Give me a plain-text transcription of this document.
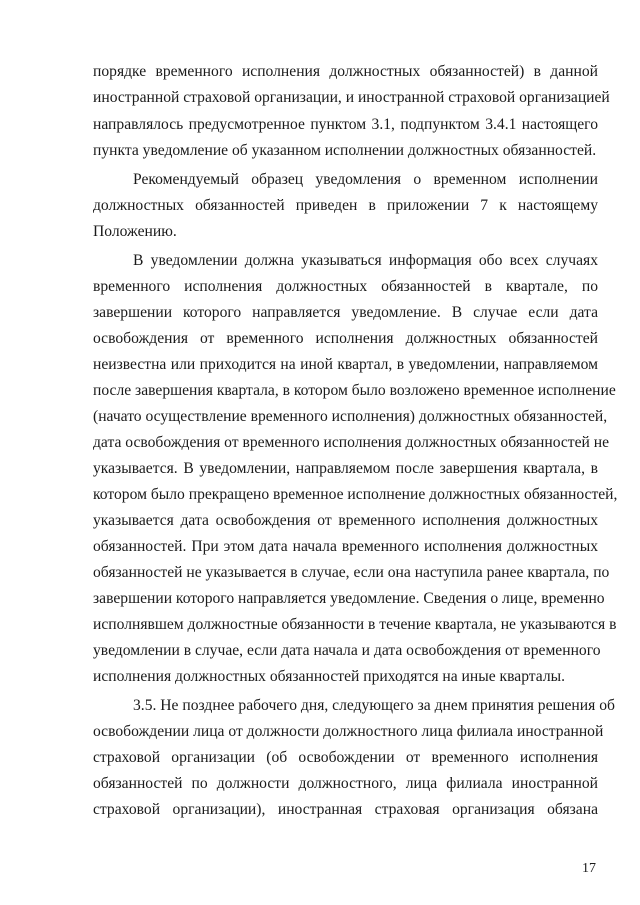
порядке временного исполнения должностных обязанностей) в данной
иностранной страховой организации, и иностранной страховой организацией
направлялось предусмотренное пунктом 3.1, подпунктом 3.4.1 настоящего
пункта уведомление об указанном исполнении должностных обязанностей.
Рекомендуемый образец уведомления о временном исполнении
должностных обязанностей приведен в приложении 7 к настоящему
Положению.
В уведомлении должна указываться информация обо всех случаях
временного исполнения должностных обязанностей в квартале, по
завершении которого направляется уведомление. В случае если дата
освобождения от временного исполнения должностных обязанностей
неизвестна или приходится на иной квартал, в уведомлении, направляемом
после завершения квартала, в котором было возложено временное исполнение
(начато осуществление временного исполнения) должностных обязанностей,
дата освобождения от временного исполнения должностных обязанностей не
указывается. В уведомлении, направляемом после завершения квартала, в
котором было прекращено временное исполнение должностных обязанностей,
указывается дата освобождения от временного исполнения должностных
обязанностей. При этом дата начала временного исполнения должностных
обязанностей не указывается в случае, если она наступила ранее квартала, по
завершении которого направляется уведомление. Сведения о лице, временно
исполнявшем должностные обязанности в течение квартала, не указываются в
уведомлении в случае, если дата начала и дата освобождения от временного
исполнения должностных обязанностей приходятся на иные кварталы.
3.5. Не позднее рабочего дня, следующего за днем принятия решения об
освобождении лица от должности должностного лица филиала иностранной
страховой организации (об освобождении от временного исполнения
обязанностей по должности должностного, лица филиала иностранной
страховой организации), иностранная страховая организация обязана
17
